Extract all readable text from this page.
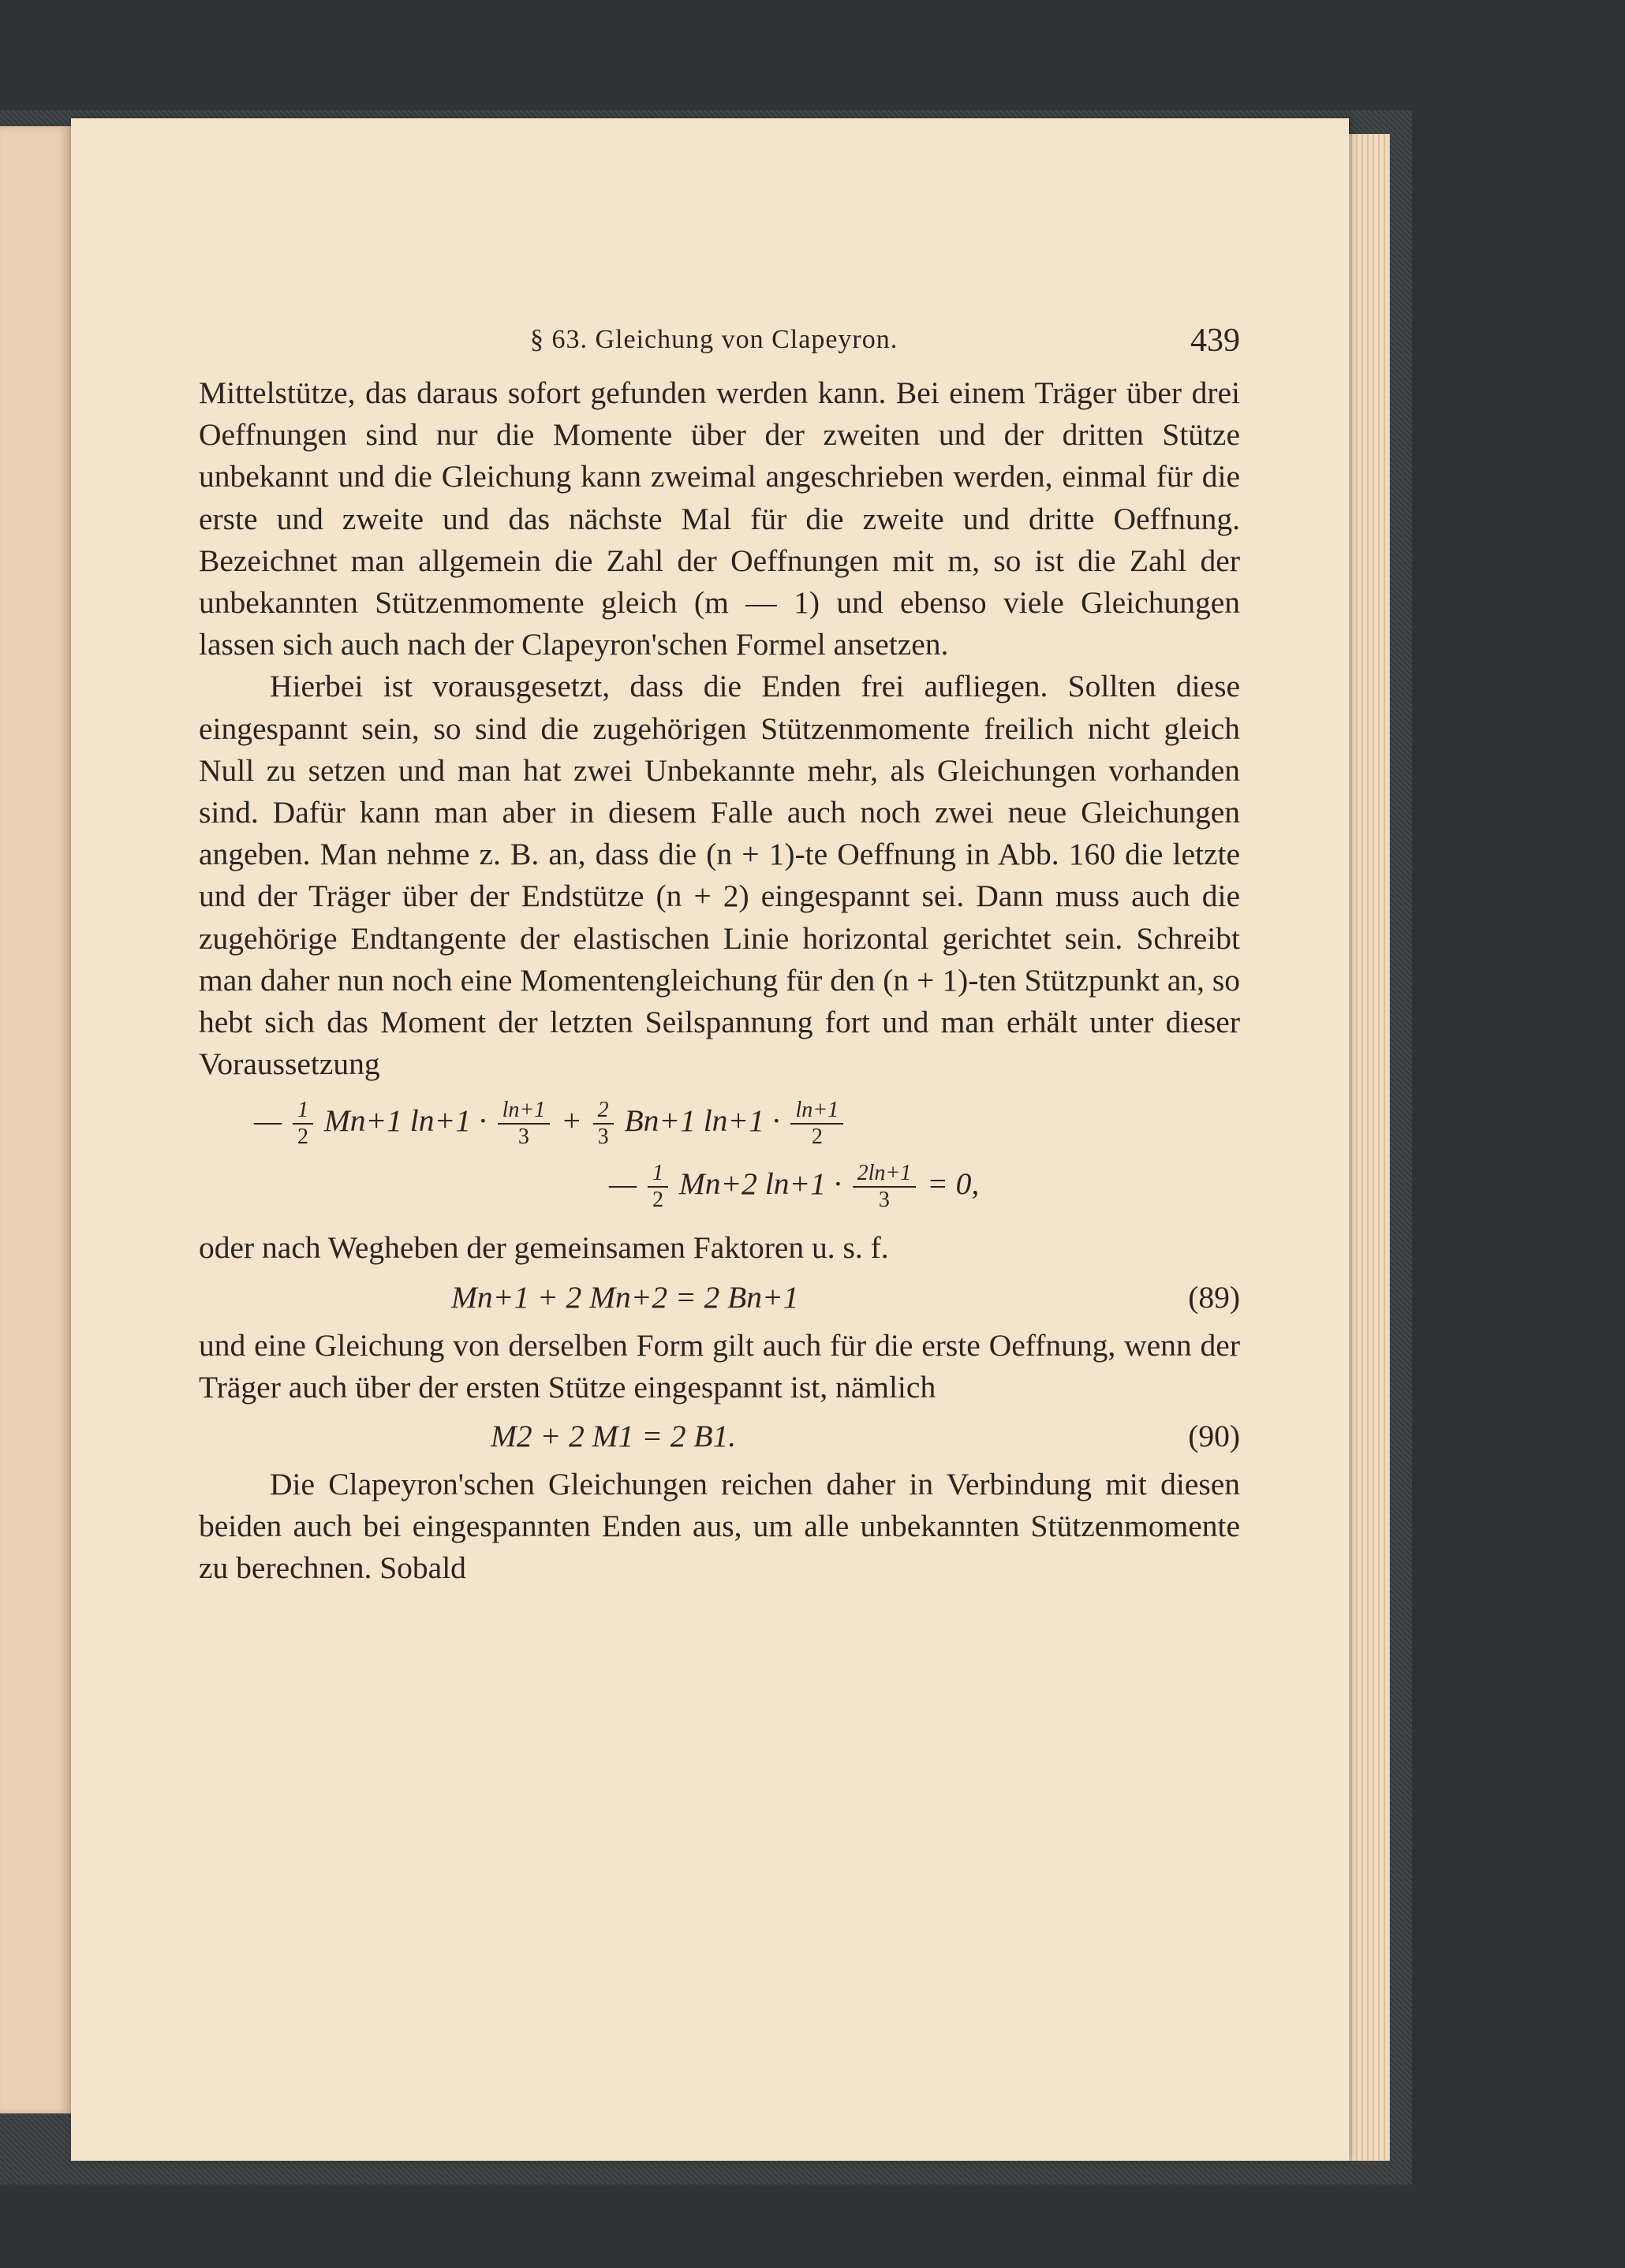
§ 63. Gleichung von Clapeyron.	439

Mittelstütze, das daraus sofort gefunden werden kann. Bei einem Träger über drei Oeffnungen sind nur die Momente über der zweiten und der dritten Stütze unbekannt und die Gleichung kann zweimal angeschrieben werden, einmal für die erste und zweite und das nächste Mal für die zweite und dritte Oeffnung. Bezeichnet man allgemein die Zahl der Oeffnungen mit m, so ist die Zahl der unbekannten Stützenmomente gleich (m — 1) und ebenso viele Gleichungen lassen sich auch nach der Clapeyron'schen Formel ansetzen.

Hierbei ist vorausgesetzt, dass die Enden frei aufliegen. Sollten diese eingespannt sein, so sind die zugehörigen Stützenmomente freilich nicht gleich Null zu setzen und man hat zwei Unbekannte mehr, als Gleichungen vorhanden sind. Dafür kann man aber in diesem Falle auch noch zwei neue Gleichungen angeben. Man nehme z. B. an, dass die (n + 1)-te Oeffnung in Abb. 160 die letzte und der Träger über der Endstütze (n + 2) eingespannt sei. Dann muss auch die zugehörige Endtangente der elastischen Linie horizontal gerichtet sein. Schreibt man daher nun noch eine Momentengleichung für den (n + 1)-ten Stützpunkt an, so hebt sich das Moment der letzten Seilspannung fort und man erhält unter dieser Voraussetzung

— $\frac{1}{2} Mn+1$ $\ln+1 \cdot \frac{\ln+1}{3} + \frac{2}{3} Bn+1$ $\ln+1 \cdot \frac{\ln+1}{2}$
— $\frac{1}{2} Mn+2$ $\ln+1 \cdot \frac{2\ln+1}{3} = 0$,

oder nach Wegheben der gemeinsamen Faktoren u. s. f.

Mn+1 + 2 Mn+2 = 2 Bn+1	(89)

und eine Gleichung von derselben Form gilt auch für die erste Oeffnung, wenn der Träger auch über der ersten Stütze eingespannt ist, nämlich

M2 + 2 M1 = 2 B1.	(90)

Die Clapeyron'schen Gleichungen reichen daher in Verbindung mit diesen beiden auch bei eingespannten Enden aus, um alle unbekannten Stützenmomente zu berechnen. Sobald
